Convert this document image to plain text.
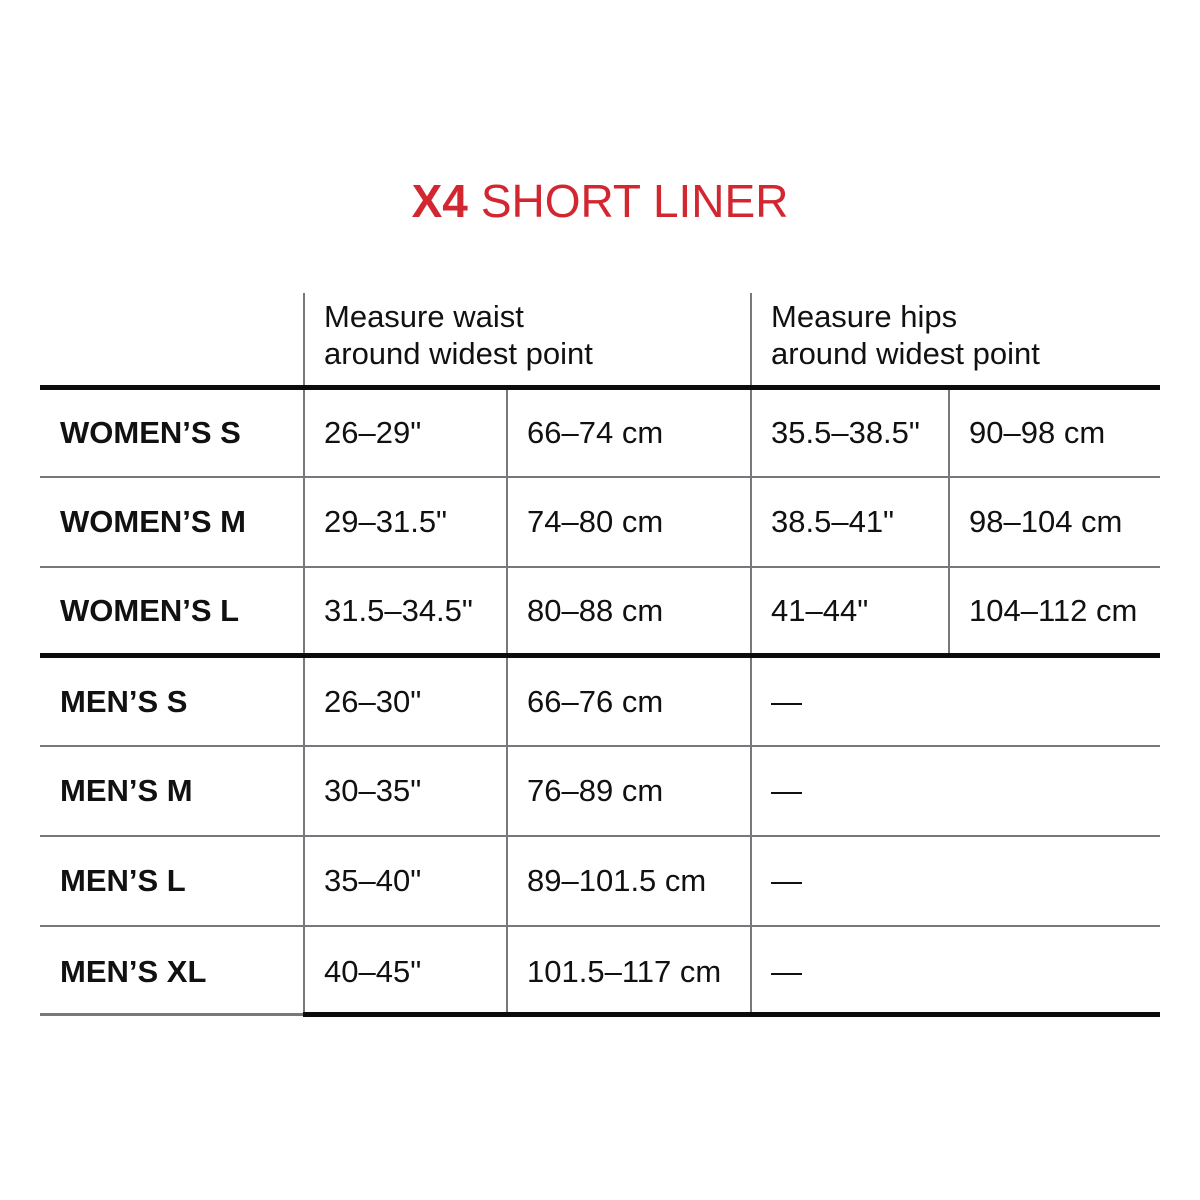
X4 SHORT LINER
Measure waist
around widest point
Measure hips
around widest point
WOMEN’S S	26–29"	66–74 cm	35.5–38.5"	90–98 cm
WOMEN’S M	29–31.5"	74–80 cm	38.5–41"	98–104 cm
WOMEN’S L	31.5–34.5"	80–88 cm	41–44"	104–112 cm
MEN’S S	26–30"	66–76 cm	—
MEN’S M	30–35"	76–89 cm	—
MEN’S L	35–40"	89–101.5 cm	—
MEN’S XL	40–45"	101.5–117 cm	—
